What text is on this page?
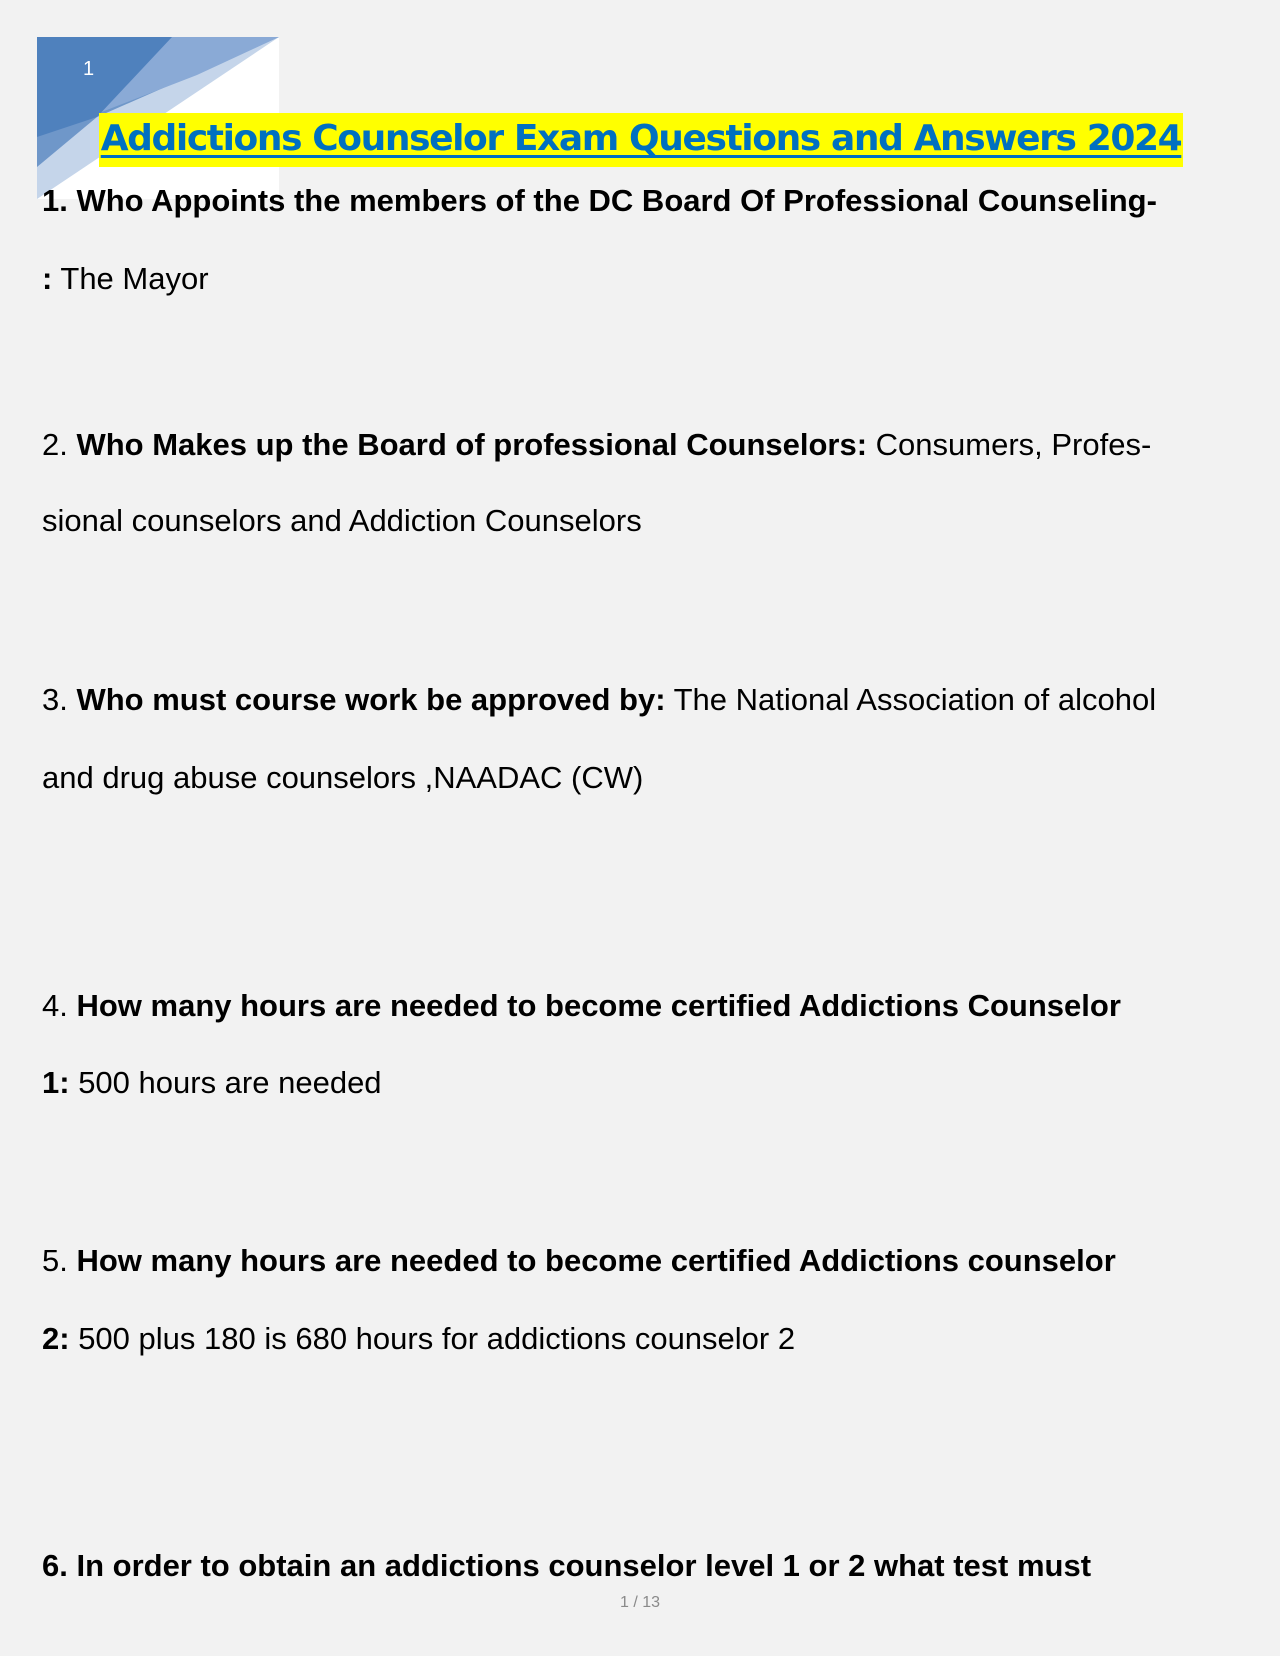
1
Addictions Counselor Exam Questions and Answers 2024
1. Who Appoints the members of the DC Board Of Professional Counseling-
: The Mayor
2. Who Makes up the Board of professional Counselors: Consumers, Profes-
sional counselors and Addiction Counselors
3. Who must course work be approved by: The National Association of alcohol
and drug abuse counselors ,NAADAC (CW)
4. How many hours are needed to become certified Addictions Counselor
1: 500 hours are needed
5. How many hours are needed to become certified Addictions counselor
2: 500 plus 180 is 680 hours for addictions counselor 2
6. In order to obtain an addictions counselor level 1 or 2 what test must
1 / 13
